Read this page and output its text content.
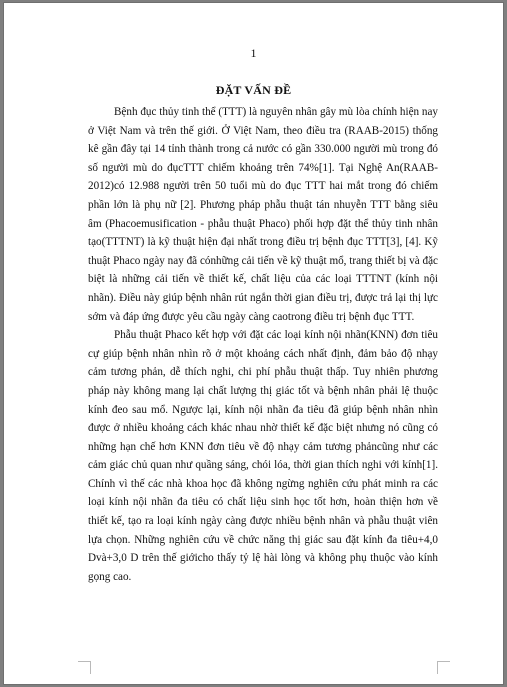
1
ĐẶT VẤN ĐỀ

Bệnh đục thủy tinh thể (TTT) là nguyên nhân gây mù lòa chính hiện nay ở Việt Nam và trên thế giới. Ở Việt Nam, theo điều tra (RAAB-2015) thống kê gần đây tại 14 tỉnh thành trong cả nước có gần 330.000 người mù trong đó số người mù do đụcTTT chiếm khoảng trên 74%[1]. Tại Nghệ An(RAAB-2012)có 12.988 người trên 50 tuổi mù do đục TTT hai mắt trong đó chiếm phần lớn là phụ nữ [2]. Phương pháp phẫu thuật tán nhuyễn TTT bằng siêu âm (Phacoemusification - phẫu thuật Phaco) phối hợp đặt thể thủy tinh nhân tạo(TTTNT) là kỹ thuật hiện đại nhất trong điều trị bệnh đục TTT[3], [4]. Kỹ thuật Phaco ngày nay đã cónhững cải tiến về kỹ thuật mổ, trang thiết bị và đặc biệt là những cải tiến về thiết kế, chất liệu của các loại TTTNT (kính nội nhãn). Điều này giúp bệnh nhân rút ngắn thời gian điều trị, được trả lại thị lực sớm và đáp ứng được yêu cầu ngày càng caotrong điều trị bệnh đục TTT.

Phẫu thuật Phaco kết hợp với đặt các loại kính nội nhãn(KNN) đơn tiêu cự giúp bệnh nhân nhìn rõ ở một khoảng cách nhất định, đảm bảo độ nhạy cảm tương phản, dễ thích nghi, chi phí phẫu thuật thấp. Tuy nhiên phương pháp này không mang lại chất lượng thị giác tốt và bệnh nhân phải lệ thuộc kính đeo sau mổ. Ngược lại, kính nội nhãn đa tiêu đã giúp bệnh nhân nhìn được ở nhiều khoảng cách khác nhau nhờ thiết kế đặc biệt nhưng nó cũng có những hạn chế hơn KNN đơn tiêu về độ nhạy cảm tương phảncũng như các cảm giác chủ quan như quầng sáng, chói lóa, thời gian thích nghi với kính[1]. Chính vì thế các nhà khoa học đã không ngừng nghiên cứu phát minh ra các loại kính nội nhãn đa tiêu có chất liệu sinh học tốt hơn, hoàn thiện hơn về thiết kế, tạo ra loại kính ngày càng được nhiều bệnh nhân và phẫu thuật viên lựa chọn. Những nghiên cứu về chức năng thị giác sau đặt kính đa tiêu+4,0 Dvà+3,0 D trên thế giớicho thấy tỷ lệ hài lòng và không phụ thuộc vào kính gọng cao.
